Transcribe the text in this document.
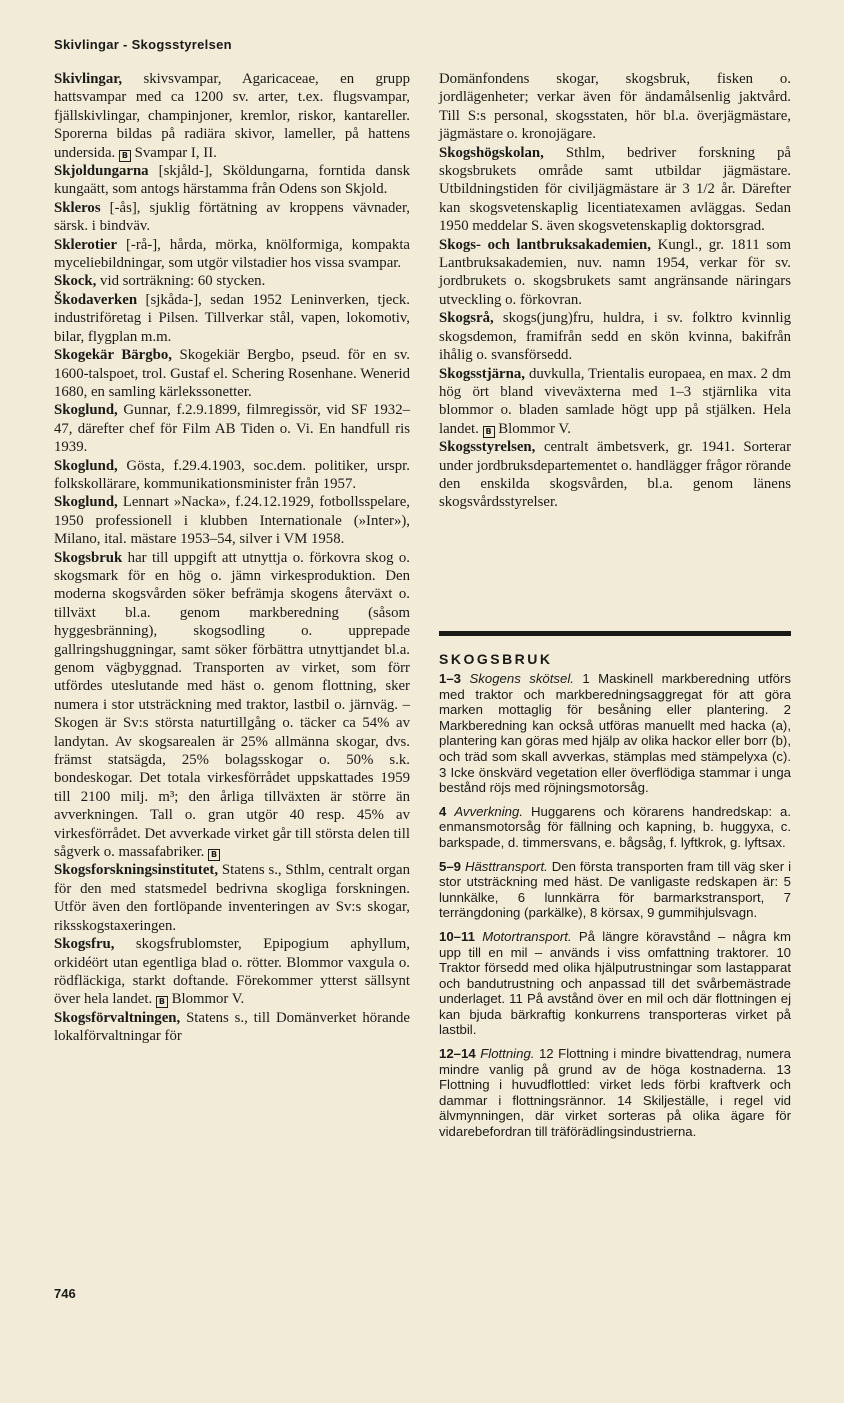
Skivlingar - Skogsstyrelsen

Skivlingar, skivsvampar, Agaricaceae, en grupp hattsvampar med ca 1200 sv. arter, t.ex. flugsvampar, fjällskivlingar, champinjoner, kremlor, riskor, kantareller. Sporerna bildas på radiära skivor, lameller, på hattens undersida. B Svampar I, II.

Skjoldungarna [skjåld-], Sköldungarna, forntida dansk kungaätt, som antogs härstamma från Odens son Skjold.

Skleros [-ås], sjuklig förtätning av kroppens vävnader, särsk. i bindväv.

Sklerotier [-rå-], hårda, mörka, knölformiga, kompakta myceliebildningar, som utgör vilstadier hos vissa svampar.

Skock, vid sorträkning: 60 stycken.

Škodaverken [sjkåda-], sedan 1952 Leninverken, tjeck. industriföretag i Pilsen. Tillverkar stål, vapen, lokomotiv, bilar, flygplan m.m.

Skogekär Bärgbo, Skogekiär Bergbo, pseud. för en sv. 1600-talspoet, trol. Gustaf el. Schering Rosenhane. Wenerid 1680, en samling kärlekssonetter.

Skoglund, Gunnar, f.2.9.1899, filmregissör, vid SF 1932–47, därefter chef för Film AB Tiden o. Vi. En handfull ris 1939.

Skoglund, Gösta, f.29.4.1903, soc.dem. politiker, urspr. folkskollärare, kommunikationsminister från 1957.

Skoglund, Lennart »Nacka», f.24.12.1929, fotbollsspelare, 1950 professionell i klubben Internationale (»Inter»), Milano, ital. mästare 1953–54, silver i VM 1958.

Skogsbruk har till uppgift att utnyttja o. förkovra skog o. skogsmark för en hög o. jämn virkesproduktion. Den moderna skogsvården söker befrämja skogens återväxt o. tillväxt bl.a. genom markberedning (såsom hyggesbränning), skogsodling o. upprepade gallringshuggningar, samt söker förbättra utnyttjandet bl.a. genom vägbyggnad. Transporten av virket, som förr utfördes uteslutande med häst o. genom flottning, sker numera i stor utsträckning med traktor, lastbil o. järnväg. – Skogen är Sv:s största naturtillgång o. täcker ca 54% av landytan. Av skogsarealen är 25% allmänna skogar, dvs. främst statsägda, 25% bolagsskogar o. 50% s.k. bondeskogar. Det totala virkesförrådet uppskattades 1959 till 2100 milj. m³; den årliga tillväxten är större än avverkningen. Tall o. gran utgör 40 resp. 45% av virkesförrådet. Det avverkade virket går till största delen till sågverk o. massafabriker. B

Skogsforskningsinstitutet, Statens s., Sthlm, centralt organ för den med statsmedel bedrivna skogliga forskningen. Utför även den fortlöpande inventeringen av Sv:s skogar, riksskogstaxeringen.

Skogsfru, skogsfrublomster, Epipogium aphyllum, orkidéört utan egentliga blad o. rötter. Blommor vaxgula o. rödfläckiga, starkt doftande. Förekommer ytterst sällsynt över hela landet. B Blommor V.

Skogsförvaltningen, Statens s., till Domänverket hörande lokalförvaltningar för

Domänfondens skogar, skogsbruk, fisken o. jordlägenheter; verkar även för ändamålsenlig jaktvård. Till S:s personal, skogsstaten, hör bl.a. överjägmästare, jägmästare o. kronojägare.

Skogshögskolan, Sthlm, bedriver forskning på skogsbrukets område samt utbildar jägmästare. Utbildningstiden för civiljägmästare är 3 1/2 år. Därefter kan skogsvetenskaplig licentiatexamen avläggas. Sedan 1950 meddelar S. även skogsvetenskaplig doktorsgrad.

Skogs- och lantbruksakademien, Kungl., gr. 1811 som Lantbruksakademien, nuv. namn 1954, verkar för sv. jordbrukets o. skogsbrukets samt angränsande näringars utveckling o. förkovran.

Skogsrå, skogs(jung)fru, huldra, i sv. folktro kvinnlig skogsdemon, framifrån sedd en skön kvinna, bakifrån ihålig o. svansförsedd.

Skogsstjärna, duvkulla, Trientalis europaea, en max. 2 dm hög ört bland viveväxterna med 1–3 stjärnlika vita blommor o. bladen samlade högt upp på stjälken. Hela landet. B Blommor V.

Skogsstyrelsen, centralt ämbetsverk, gr. 1941. Sorterar under jordbruksdepartementet o. handlägger frågor rörande den enskilda skogsvården, bl.a. genom länens skogsvårdsstyrelser.

SKOGSBRUK

1–3 Skogens skötsel. 1 Maskinell markberedning utförs med traktor och markberedningsaggregat för att göra marken mottaglig för besåning eller plantering. 2 Markberedning kan också utföras manuellt med hacka (a), plantering kan göras med hjälp av olika hackor eller borr (b), och träd som skall avverkas, stämplas med stämpelyxa (c). 3 Icke önskvärd vegetation eller överflödiga stammar i unga bestånd röjs med röjningsmotorsåg.

4 Avverkning. Huggarens och körarens handredskap: a. enmansmotorsåg för fällning och kapning, b. huggyxa, c. barkspade, d. timmersvans, e. bågsåg, f. lyftkrok, g. lyftsax.

5–9 Hästtransport. Den första transporten fram till väg sker i stor utsträckning med häst. De vanligaste redskapen är: 5 lunnkälke, 6 lunnkärra för barmarkstransport, 7 terrängdoning (parkälke), 8 körsax, 9 gummihjulsvagn.

10–11 Motortransport. På längre köravstånd – några km upp till en mil – används i viss omfattning traktorer. 10 Traktor försedd med olika hjälputrustningar som lastapparat och bandutrustning och anpassad till det svårbemästrade underlaget. 11 På avstånd över en mil och där flottningen ej kan bjuda bärkraftig konkurrens transporteras virket på lastbil.

12–14 Flottning. 12 Flottning i mindre bivattendrag, numera mindre vanlig på grund av de höga kostnaderna. 13 Flottning i huvudflottled: virket leds förbi kraftverk och dammar i flottningsrännor. 14 Skiljeställe, i regel vid älvmynningen, där virket sorteras på olika ägare för vidarebefordran till träförädlingsindustrierna.

746
